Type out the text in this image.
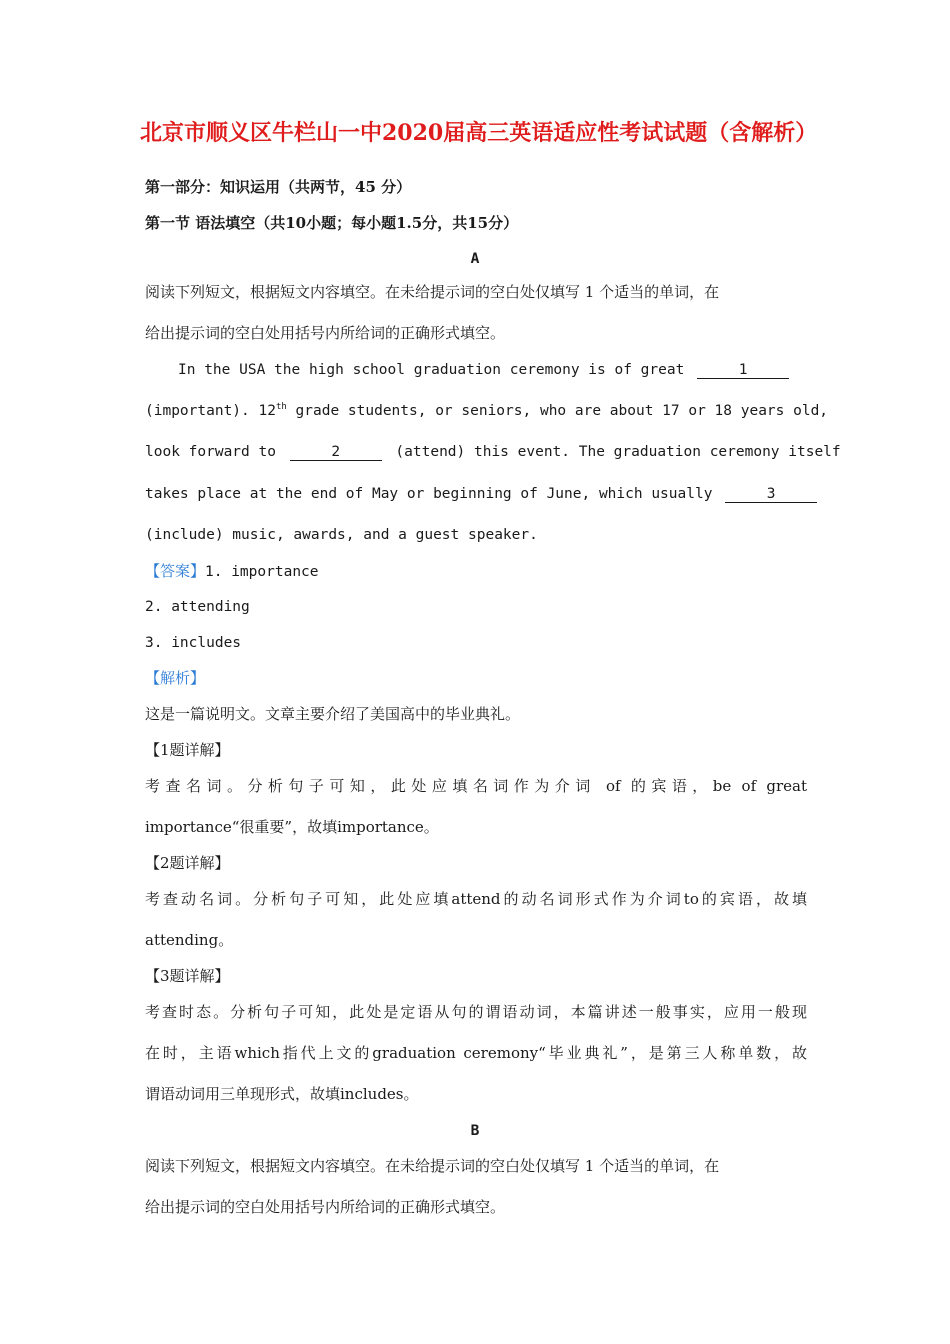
北京市顺义区牛栏山一中2020届高三英语适应性考试试题（含解析）
第一部分：知识运用（共两节，45 分）
第一节 语法填空（共10小题；每小题1.5分，共15分）
A
阅读下列短文，根据短文内容填空。在未给提示词的空白处仅填写 1 个适当的单词，在
给出提示词的空白处用括号内所给词的正确形式填空。
In the USA the high school graduation ceremony is of great	1
(important). 12th grade students, or seniors, who are about 17 or 18 years old,
look forward to	2	(attend) this event. The graduation ceremony itself
takes place at the end of May or beginning of June, which usually	3
(include) music, awards, and a guest speaker.
【答案】1. importance
2. attending
3. includes
【解析】
这是一篇说明文。文章主要介绍了美国高中的毕业典礼。
【1题详解】
考查名词。分析句子可知，此处应填名词作为介词 of 的宾语，be of great
importance“很重要”，故填importance。
【2题详解】
考查动名词。分析句子可知，此处应填attend的动名词形式作为介词to的宾语，故填
attending。
【3题详解】
考查时态。分析句子可知，此处是定语从句的谓语动词，本篇讲述一般事实，应用一般现
在时，主语which指代上文的graduation ceremony“毕业典礼”，是第三人称单数，故
谓语动词用三单现形式，故填includes。
B
阅读下列短文，根据短文内容填空。在未给提示词的空白处仅填写 1 个适当的单词，在
给出提示词的空白处用括号内所给词的正确形式填空。
